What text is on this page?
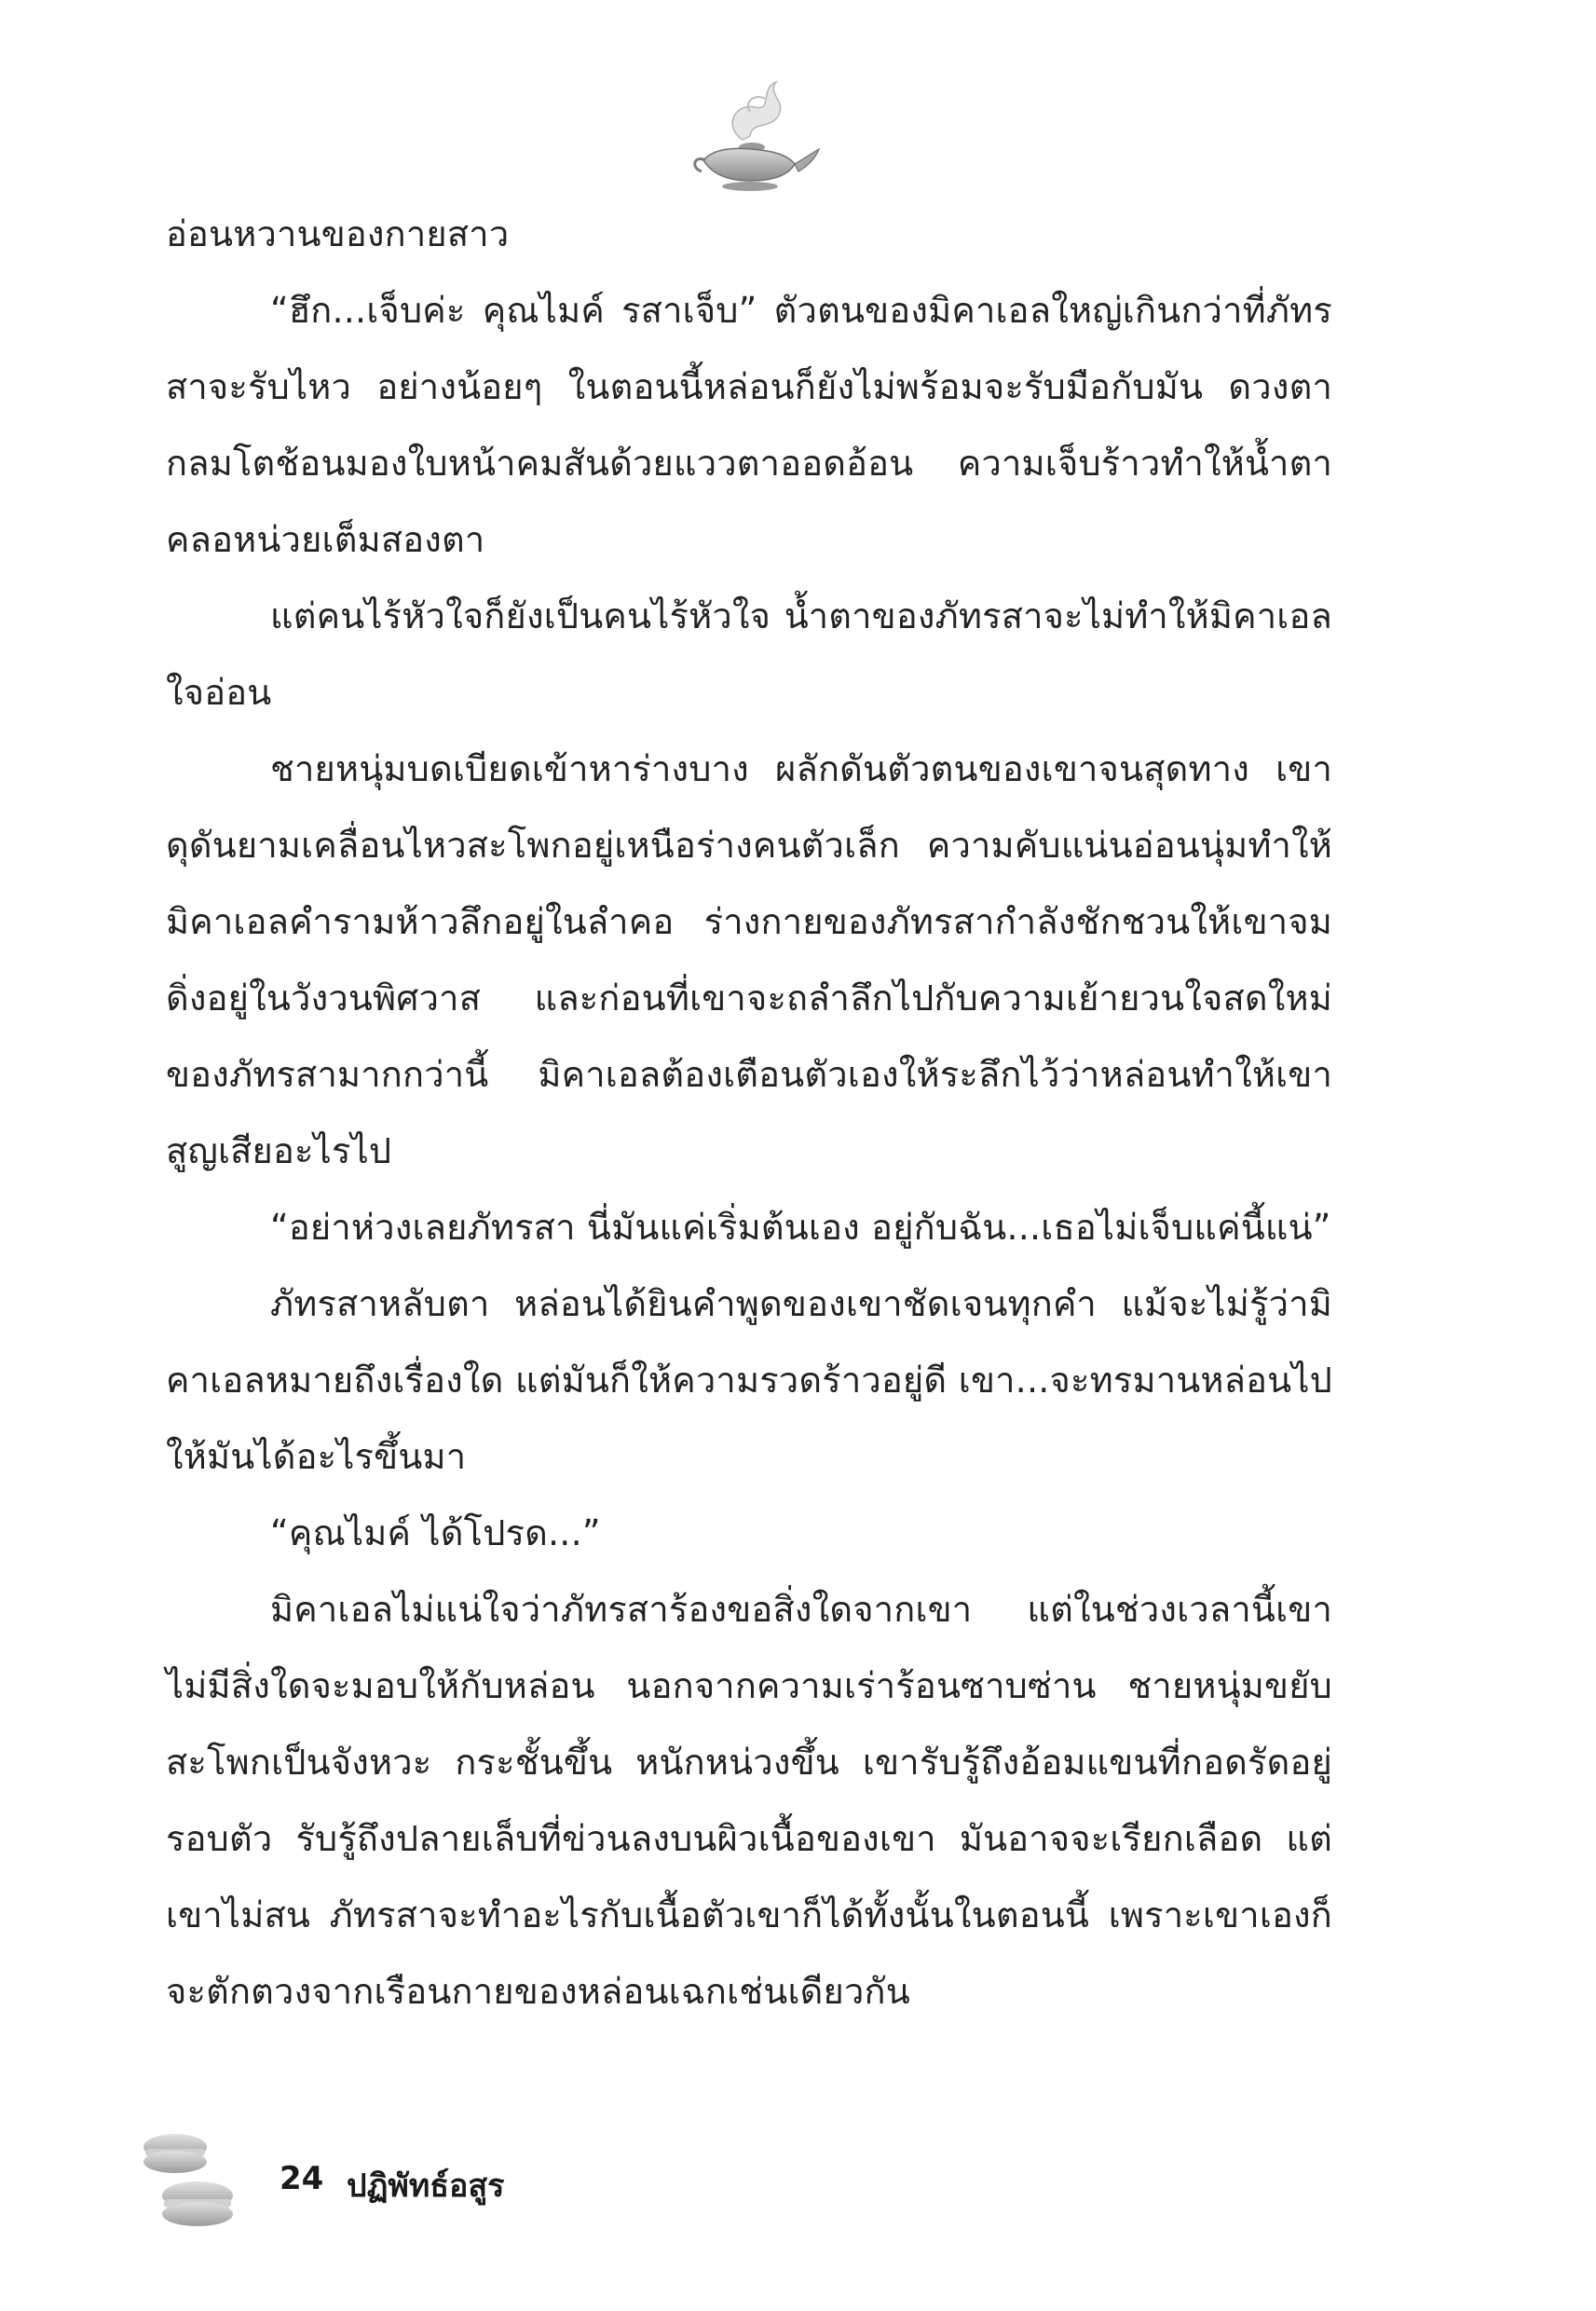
อ่อนหวานของกายสาว

“ฮึก...เจ็บค่ะ คุณไมค์ รสาเจ็บ” ตัวตนของมิคาเอลใหญ่เกินกว่าที่ภัทรสาจะรับไหว อย่างน้อยๆ ในตอนนี้หล่อนก็ยังไม่พร้อมจะรับมือกับมัน ดวงตากลมโตช้อนมองใบหน้าคมสันด้วยแววตาออดอ้อน ความเจ็บร้าวทำให้น้ำตาคลอหน่วยเต็มสองตา

แต่คนไร้หัวใจก็ยังเป็นคนไร้หัวใจ น้ำตาของภัทรสาจะไม่ทำให้มิคาเอลใจอ่อน

ชายหนุ่มบดเบียดเข้าหาร่างบาง ผลักดันตัวตนของเขาจนสุดทาง เขาดุดันยามเคลื่อนไหวสะโพกอยู่เหนือร่างคนตัวเล็ก ความคับแน่นอ่อนนุ่มทำให้มิคาเอลคำรามห้าวลึกอยู่ในลำคอ ร่างกายของภัทรสากำลังชักชวนให้เขาจมดิ่งอยู่ในวังวนพิศวาส และก่อนที่เขาจะถลำลึกไปกับความเย้ายวนใจสดใหม่ของภัทรสามากกว่านี้ มิคาเอลต้องเตือนตัวเองให้ระลึกไว้ว่าหล่อนทำให้เขาสูญเสียอะไรไป

“อย่าห่วงเลยภัทรสา นี่มันแค่เริ่มต้นเอง อยู่กับฉัน...เธอไม่เจ็บแค่นี้แน่”

ภัทรสาหลับตา หล่อนได้ยินคำพูดของเขาชัดเจนทุกคำ แม้จะไม่รู้ว่ามิคาเอลหมายถึงเรื่องใด แต่มันก็ให้ความรวดร้าวอยู่ดี เขา...จะทรมานหล่อนไปให้มันได้อะไรขึ้นมา

“คุณไมค์ ได้โปรด...”

มิคาเอลไม่แน่ใจว่าภัทรสาร้องขอสิ่งใดจากเขา แต่ในช่วงเวลานี้เขาไม่มีสิ่งใดจะมอบให้กับหล่อน นอกจากความเร่าร้อนซาบซ่าน ชายหนุ่มขยับสะโพกเป็นจังหวะ กระชั้นขึ้น หนักหน่วงขึ้น เขารับรู้ถึงอ้อมแขนที่กอดรัดอยู่รอบตัว รับรู้ถึงปลายเล็บที่ข่วนลงบนผิวเนื้อของเขา มันอาจจะเรียกเลือด แต่เขาไม่สน ภัทรสาจะทำอะไรกับเนื้อตัวเขาก็ได้ทั้งนั้นในตอนนี้ เพราะเขาเองก็จะตักตวงจากเรือนกายของหล่อนเฉกเช่นเดียวกัน

24 ปฏิพัทธ์อสูร
